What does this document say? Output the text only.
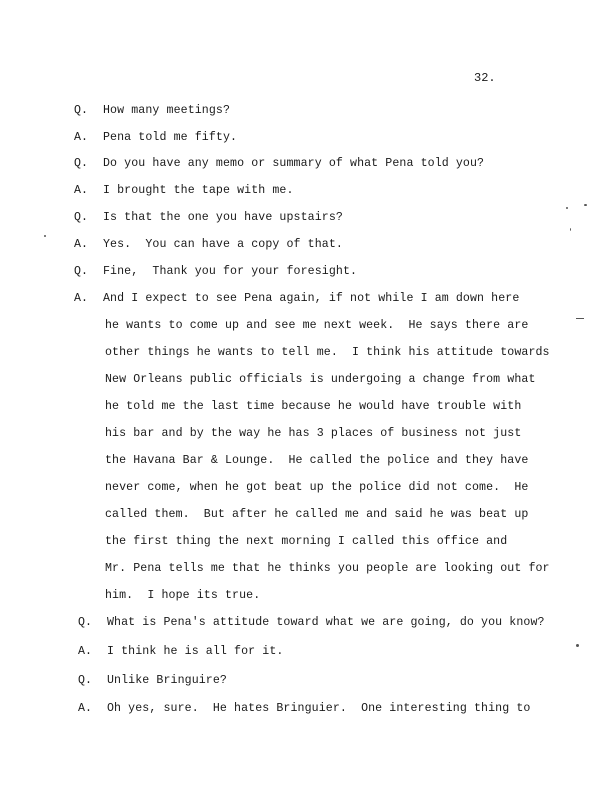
32.
Q. How many meetings?
A. Pena told me fifty.
Q. Do you have any memo or summary of what Pena told you?
A. I brought the tape with me.
Q. Is that the one you have upstairs?
A. Yes.  You can have a copy of that.
Q. Fine,  Thank you for your foresight.
A. And I expect to see Pena again, if not while I am down here
he wants to come up and see me next week.  He says there are
other things he wants to tell me.  I think his attitude towards
New Orleans public officials is undergoing a change from what
he told me the last time because he would have trouble with
his bar and by the way he has 3 places of business not just
the Havana Bar & Lounge.  He called the police and they have
never come, when he got beat up the police did not come.  He
called them.  But after he called me and said he was beat up
the first thing the next morning I called this office and
Mr. Pena tells me that he thinks you people are looking out for
him.  I hope its true.
Q. What is Pena's attitude toward what we are going, do you know?
A. I think he is all for it.
Q. Unlike Bringuire?
A. Oh yes, sure.  He hates Bringuier.  One interesting thing to
